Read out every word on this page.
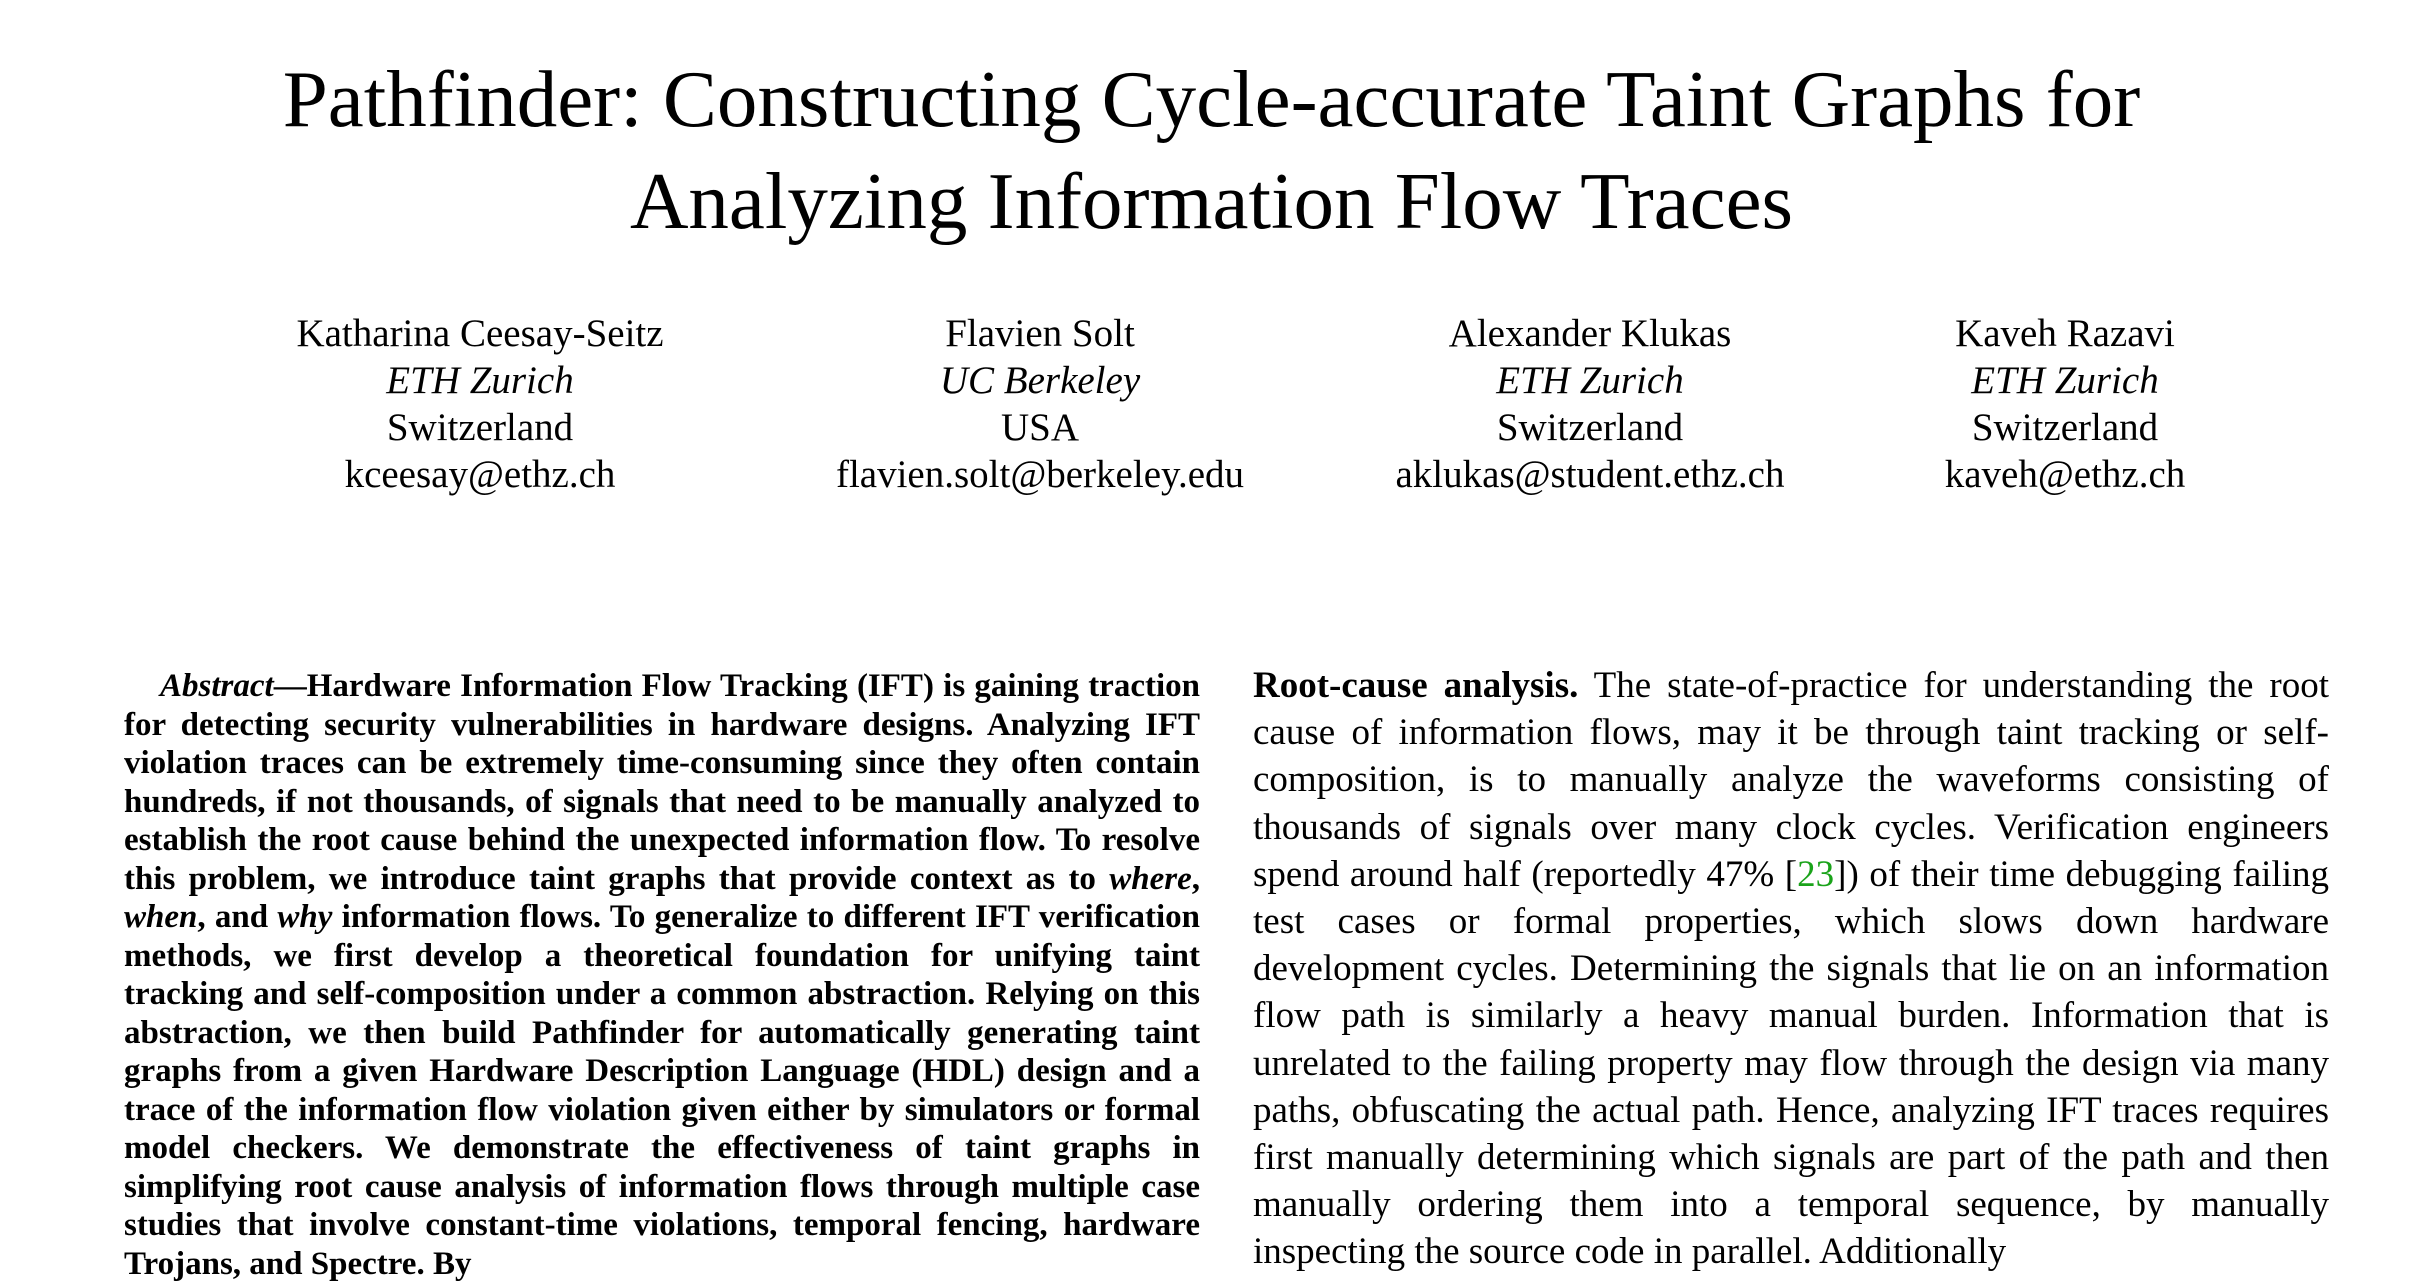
Pathfinder: Constructing Cycle-accurate Taint Graphs for
Analyzing Information Flow Traces
Katharina Ceesay-Seitz
ETH Zurich
Switzerland
kceesay@ethz.ch
Flavien Solt
UC Berkeley
USA
flavien.solt@berkeley.edu
Alexander Klukas
ETH Zurich
Switzerland
aklukas@student.ethz.ch
Kaveh Razavi
ETH Zurich
Switzerland
kaveh@ethz.ch
Abstract—Hardware Information Flow Tracking (IFT) is gaining traction for detecting security vulnerabilities in hardware designs. Analyzing IFT violation traces can be extremely time-consuming since they often contain hundreds, if not thousands, of signals that need to be manually analyzed to establish the root cause behind the unexpected information flow. To resolve this problem, we introduce taint graphs that provide context as to where, when, and why information flows. To generalize to different IFT verification methods, we first develop a theoretical foundation for unifying taint tracking and self-composition under a common abstraction. Relying on this abstraction, we then build Pathfinder for automatically generating taint graphs from a given Hardware Description Language (HDL) design and a trace of the information flow violation given either by simulators or formal model checkers. We demonstrate the effectiveness of taint graphs in simplifying root cause analysis of information flows through multiple case studies that involve constant-time violations, temporal fencing, hardware Trojans, and Spectre. By
Root-cause analysis. The state-of-practice for understanding the root cause of information flows, may it be through taint tracking or self-composition, is to manually analyze the waveforms consisting of thousands of signals over many clock cycles. Verification engineers spend around half (reportedly 47% [23]) of their time debugging failing test cases or formal properties, which slows down hardware development cycles. Determining the signals that lie on an information flow path is similarly a heavy manual burden. Information that is unrelated to the failing property may flow through the design via many paths, obfuscating the actual path. Hence, analyzing IFT traces requires first manually determining which signals are part of the path and then manually ordering them into a temporal sequence, by manually inspecting the source code in parallel. Additionally
